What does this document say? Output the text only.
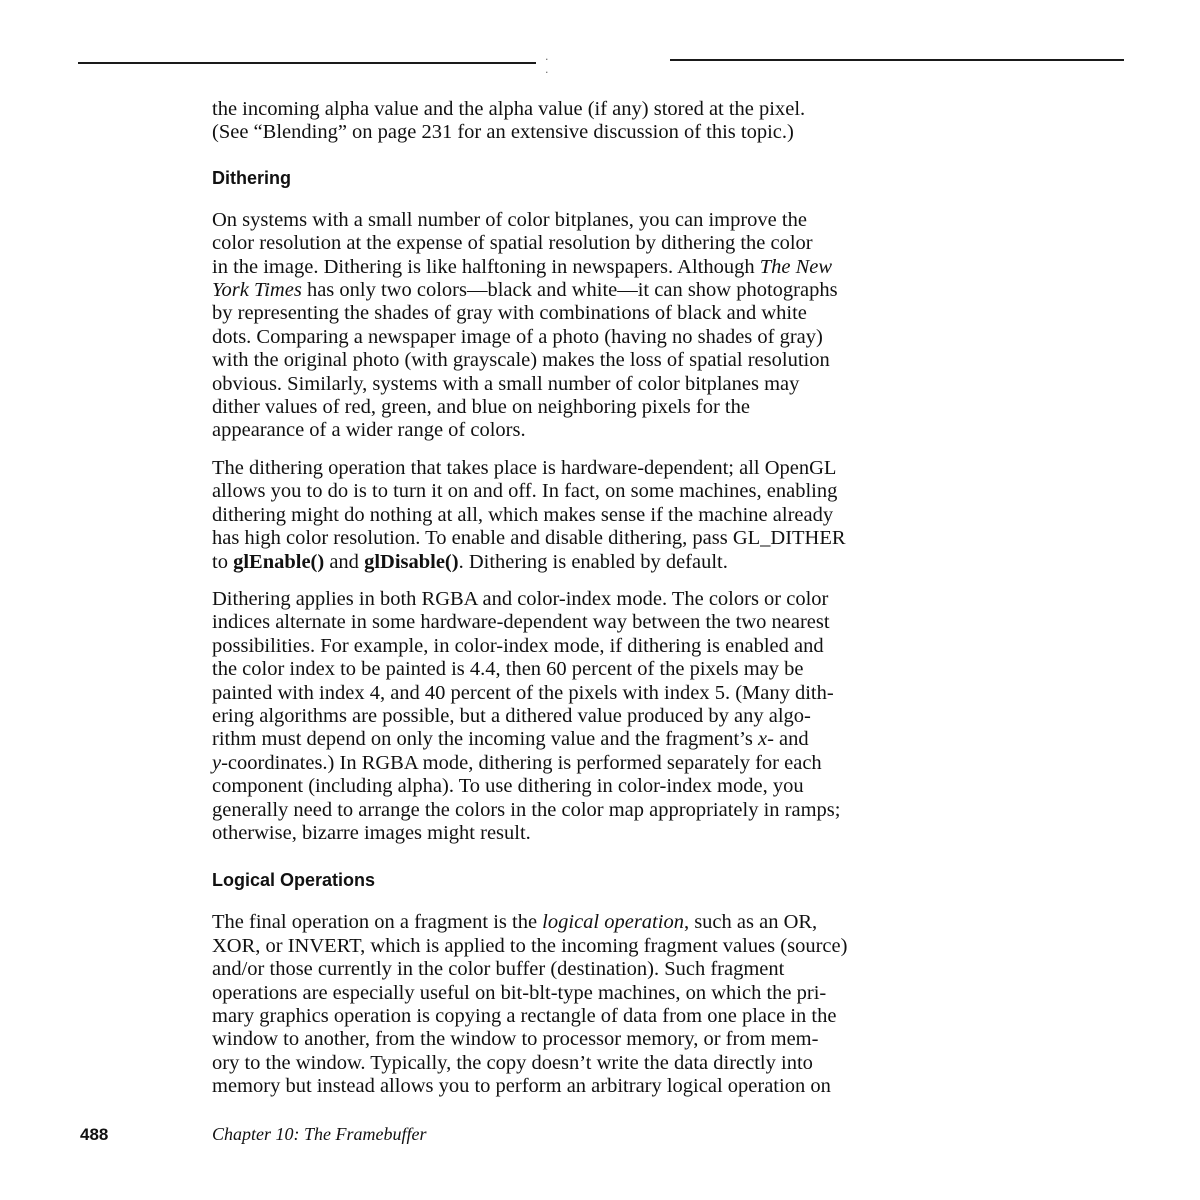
. .

the incoming alpha value and the alpha value (if any) stored at the pixel.
(See “Blending” on page 231 for an extensive discussion of this topic.)

Dithering

On systems with a small number of color bitplanes, you can improve the
color resolution at the expense of spatial resolution by dithering the color
in the image. Dithering is like halftoning in newspapers. Although The New
York Times has only two colors—black and white—it can show photographs
by representing the shades of gray with combinations of black and white
dots. Comparing a newspaper image of a photo (having no shades of gray)
with the original photo (with grayscale) makes the loss of spatial resolution
obvious. Similarly, systems with a small number of color bitplanes may
dither values of red, green, and blue on neighboring pixels for the
appearance of a wider range of colors.

The dithering operation that takes place is hardware-dependent; all OpenGL
allows you to do is to turn it on and off. In fact, on some machines, enabling
dithering might do nothing at all, which makes sense if the machine already
has high color resolution. To enable and disable dithering, pass GL_DITHER
to glEnable() and glDisable(). Dithering is enabled by default.

Dithering applies in both RGBA and color-index mode. The colors or color
indices alternate in some hardware-dependent way between the two nearest
possibilities. For example, in color-index mode, if dithering is enabled and
the color index to be painted is 4.4, then 60 percent of the pixels may be
painted with index 4, and 40 percent of the pixels with index 5. (Many dith-
ering algorithms are possible, but a dithered value produced by any algo-
rithm must depend on only the incoming value and the fragment’s x- and
y-coordinates.) In RGBA mode, dithering is performed separately for each
component (including alpha). To use dithering in color-index mode, you
generally need to arrange the colors in the color map appropriately in ramps;
otherwise, bizarre images might result.

Logical Operations

The final operation on a fragment is the logical operation, such as an OR,
XOR, or INVERT, which is applied to the incoming fragment values (source)
and/or those currently in the color buffer (destination). Such fragment
operations are especially useful on bit-blt-type machines, on which the pri-
mary graphics operation is copying a rectangle of data from one place in the
window to another, from the window to processor memory, or from mem-
ory to the window. Typically, the copy doesn’t write the data directly into
memory but instead allows you to perform an arbitrary logical operation on

488	Chapter 10: The Framebuffer
